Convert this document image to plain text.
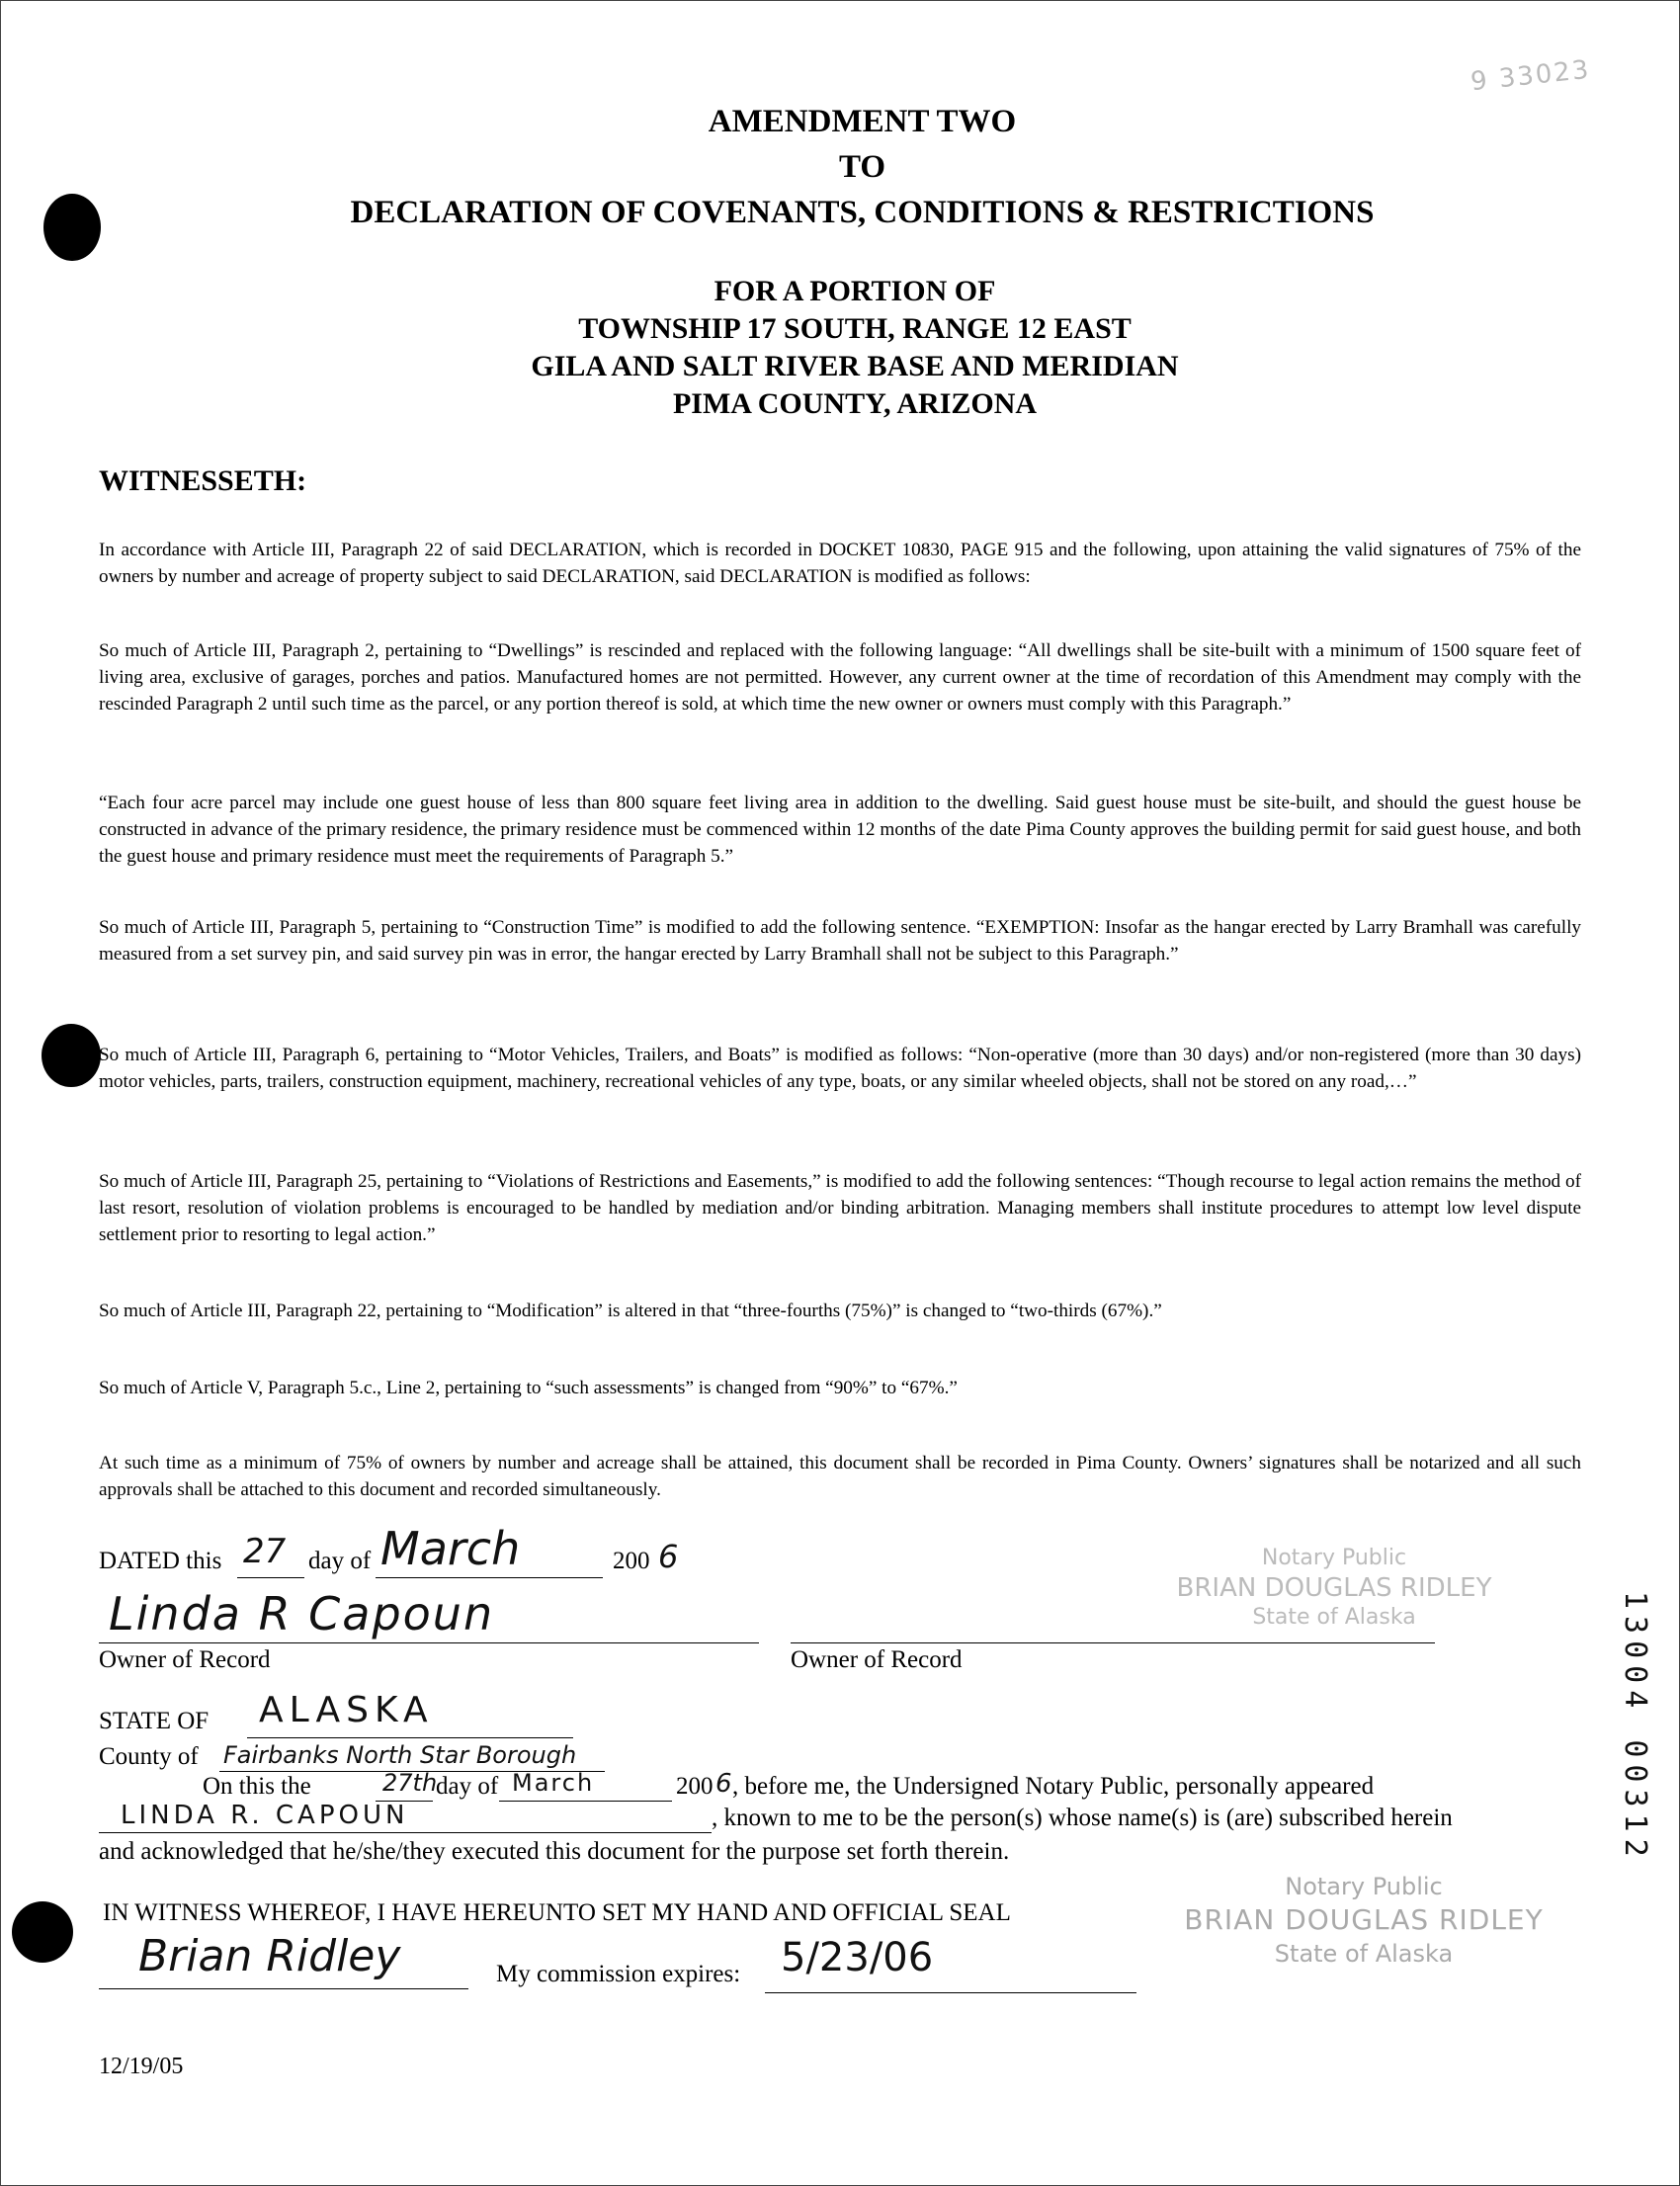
9 33023
AMENDMENT TWO
TO
DECLARATION OF COVENANTS, CONDITIONS & RESTRICTIONS
FOR A PORTION OF
TOWNSHIP 17 SOUTH, RANGE 12 EAST
GILA AND SALT RIVER BASE AND MERIDIAN
PIMA COUNTY, ARIZONA
WITNESSETH:
In accordance with Article III, Paragraph 22 of said DECLARATION, which is recorded in DOCKET 10830, PAGE 915 and the following, upon attaining the valid signatures of 75% of the owners by number and acreage of property subject to said DECLARATION, said DECLARATION is modified as follows:
So much of Article III, Paragraph 2, pertaining to “Dwellings” is rescinded and replaced with the following language: “All dwellings shall be site-built with a minimum of 1500 square feet of living area, exclusive of garages, porches and patios. Manufactured homes are not permitted. However, any current owner at the time of recordation of this Amendment may comply with the rescinded Paragraph 2 until such time as the parcel, or any portion thereof is sold, at which time the new owner or owners must comply with this Paragraph.”
“Each four acre parcel may include one guest house of less than 800 square feet living area in addition to the dwelling. Said guest house must be site-built, and should the guest house be constructed in advance of the primary residence, the primary residence must be commenced within 12 months of the date Pima County approves the building permit for said guest house, and both the guest house and primary residence must meet the requirements of Paragraph 5.”
So much of Article III, Paragraph 5, pertaining to “Construction Time” is modified to add the following sentence. “EXEMPTION: Insofar as the hangar erected by Larry Bramhall was carefully measured from a set survey pin, and said survey pin was in error, the hangar erected by Larry Bramhall shall not be subject to this Paragraph.”
So much of Article III, Paragraph 6, pertaining to “Motor Vehicles, Trailers, and Boats” is modified as follows: “Non-operative (more than 30 days) and/or non-registered (more than 30 days) motor vehicles, parts, trailers, construction equipment, machinery, recreational vehicles of any type, boats, or any similar wheeled objects, shall not be stored on any road,…”
So much of Article III, Paragraph 25, pertaining to “Violations of Restrictions and Easements,” is modified to add the following sentences: “Though recourse to legal action remains the method of last resort, resolution of violation problems is encouraged to be handled by mediation and/or binding arbitration. Managing members shall institute procedures to attempt low level dispute settlement prior to resorting to legal action.”
So much of Article III, Paragraph 22, pertaining to “Modification” is altered in that “three-fourths (75%)” is changed to “two-thirds (67%).”
So much of Article V, Paragraph 5.c., Line 2, pertaining to “such assessments” is changed from “90%” to “67%.”
At such time as a minimum of 75% of owners by number and acreage shall be attained, this document shall be recorded in Pima County. Owners’ signatures shall be notarized and all such approvals shall be attached to this document and recorded simultaneously.
DATED this 27 day of March	200 6
Linda R Capoun
Owner of Record	Owner of Record
Notary Public
BRIAN DOUGLAS RIDLEY
State of Alaska
STATE OF ALASKA
County of Fairbanks North Star Borough
On this the	27th
day of March	200 6 , before me, the Undersigned Notary Public, personally appeared
LINDA R. CAPOUN	, known to me to be the person(s) whose name(s) is (are) subscribed herein
and acknowledged that he/she/they executed this document for the purpose set forth therein.
IN WITNESS WHEREOF, I HAVE HEREUNTO SET MY HAND AND OFFICIAL SEAL
Notary Public
BRIAN DOUGLAS RIDLEY
State of Alaska
Brian Ridley	My commission expires: 5/23/06
12/19/05
13004 00312
